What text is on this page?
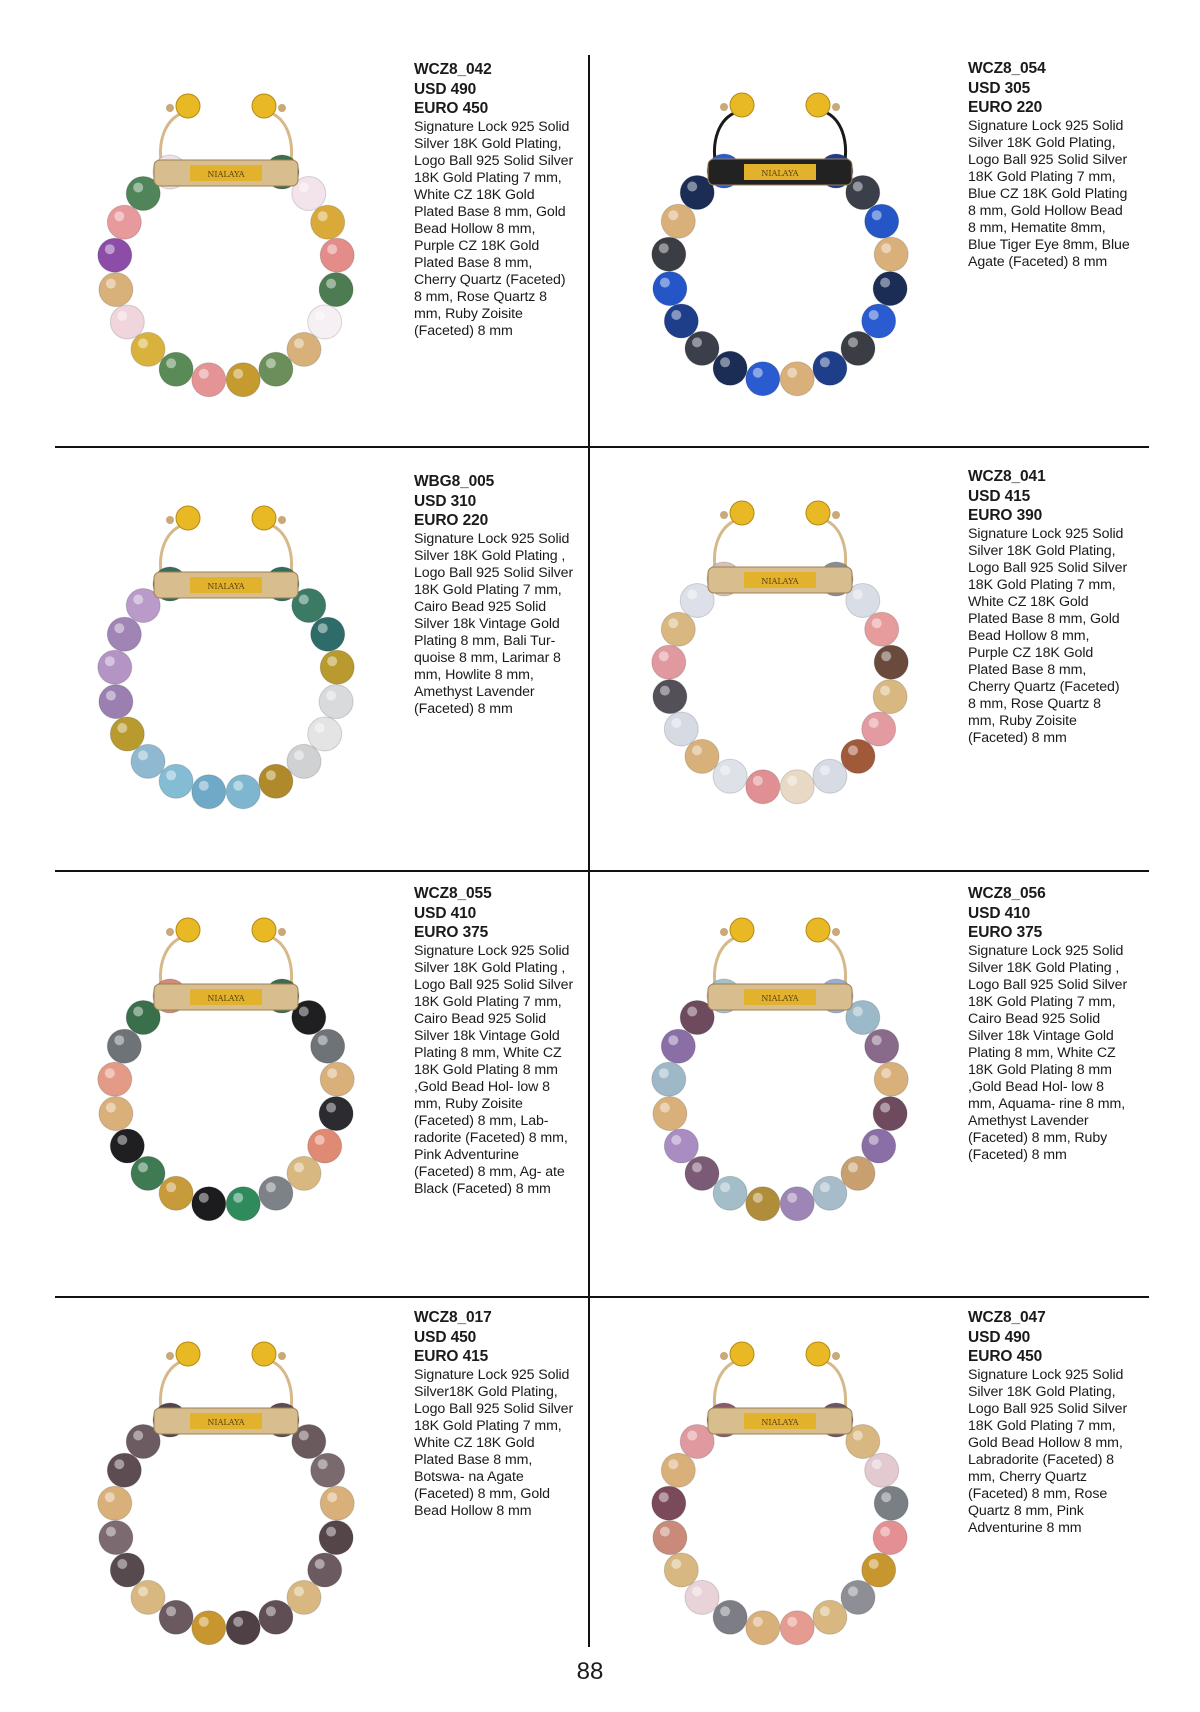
NIALAYA
WCZ8_042
USD 490
EURO 450
Signature Lock 925 Solid Silver 18K Gold Plating, Logo Ball 925 Solid Silver 18K Gold Plating 7 mm, White CZ 18K Gold Plated Base 8 mm, Gold Bead Hollow 8 mm, Purple CZ 18K Gold Plated Base 8 mm, Cherry Quartz (Faceted) 8 mm, Rose Quartz 8 mm, Ruby Zoisite (Faceted) 8 mm
NIALAYA
WCZ8_054
USD 305
EURO 220
Signature Lock 925 Solid Silver 18K Gold Plating, Logo Ball 925 Solid Silver 18K Gold Plating 7 mm, Blue CZ 18K Gold Plating 8 mm, Gold Hollow Bead 8 mm, Hematite 8mm, Blue Tiger Eye 8mm, Blue Agate (Faceted) 8 mm
NIALAYA
WBG8_005
USD 310
EURO 220
Signature Lock 925 Solid Silver 18K Gold Plating , Logo Ball 925 Solid Silver 18K Gold Plating 7 mm, Cairo Bead 925 Solid Silver 18k Vintage Gold Plating 8 mm, Bali Tur- quoise 8 mm, Larimar 8 mm, Howlite 8 mm, Amethyst Lavender (Faceted) 8 mm
NIALAYA
WCZ8_041
USD 415
EURO 390
Signature Lock 925 Solid Silver 18K Gold Plating, Logo Ball 925 Solid Silver 18K Gold Plating 7 mm, White CZ 18K Gold Plated Base 8 mm, Gold Bead Hollow 8 mm, Purple CZ 18K Gold Plated Base 8 mm, Cherry Quartz (Faceted) 8 mm, Rose Quartz 8 mm, Ruby Zoisite (Faceted) 8 mm
NIALAYA
WCZ8_055
USD 410
EURO 375
Signature Lock 925 Solid Silver 18K Gold Plating , Logo Ball 925 Solid Silver 18K Gold Plating 7 mm, Cairo Bead 925 Solid Silver 18k Vintage Gold Plating 8 mm, White CZ 18K Gold Plating 8 mm ,Gold Bead Hol- low 8 mm, Ruby Zoisite (Faceted) 8 mm, Lab- radorite (Faceted) 8 mm, Pink Adventurine (Faceted) 8 mm, Ag- ate Black (Faceted) 8 mm
NIALAYA
WCZ8_056
USD 410
EURO 375
Signature Lock 925 Solid Silver 18K Gold Plating , Logo Ball 925 Solid Silver 18K Gold Plating 7 mm, Cairo Bead 925 Solid Silver 18k Vintage Gold Plating 8 mm, White CZ 18K Gold Plating 8 mm ,Gold Bead Hol- low 8 mm, Aquama- rine 8 mm, Amethyst Lavender (Faceted) 8 mm, Ruby (Faceted) 8 mm
NIALAYA
WCZ8_017
USD 450
EURO 415
Signature Lock 925 Solid Silver18K Gold Plating, Logo Ball 925 Solid Silver 18K Gold Plating 7 mm, White CZ 18K Gold Plated Base 8 mm, Botswa- na Agate (Faceted) 8 mm, Gold Bead Hollow 8 mm
NIALAYA
WCZ8_047
USD 490
EURO 450
Signature Lock 925 Solid Silver 18K Gold Plating, Logo Ball 925 Solid Silver 18K Gold Plating 7 mm, Gold Bead Hollow 8 mm, Labradorite (Faceted) 8 mm, Cherry Quartz (Faceted) 8 mm, Rose Quartz 8 mm, Pink Adventurine 8 mm
88
